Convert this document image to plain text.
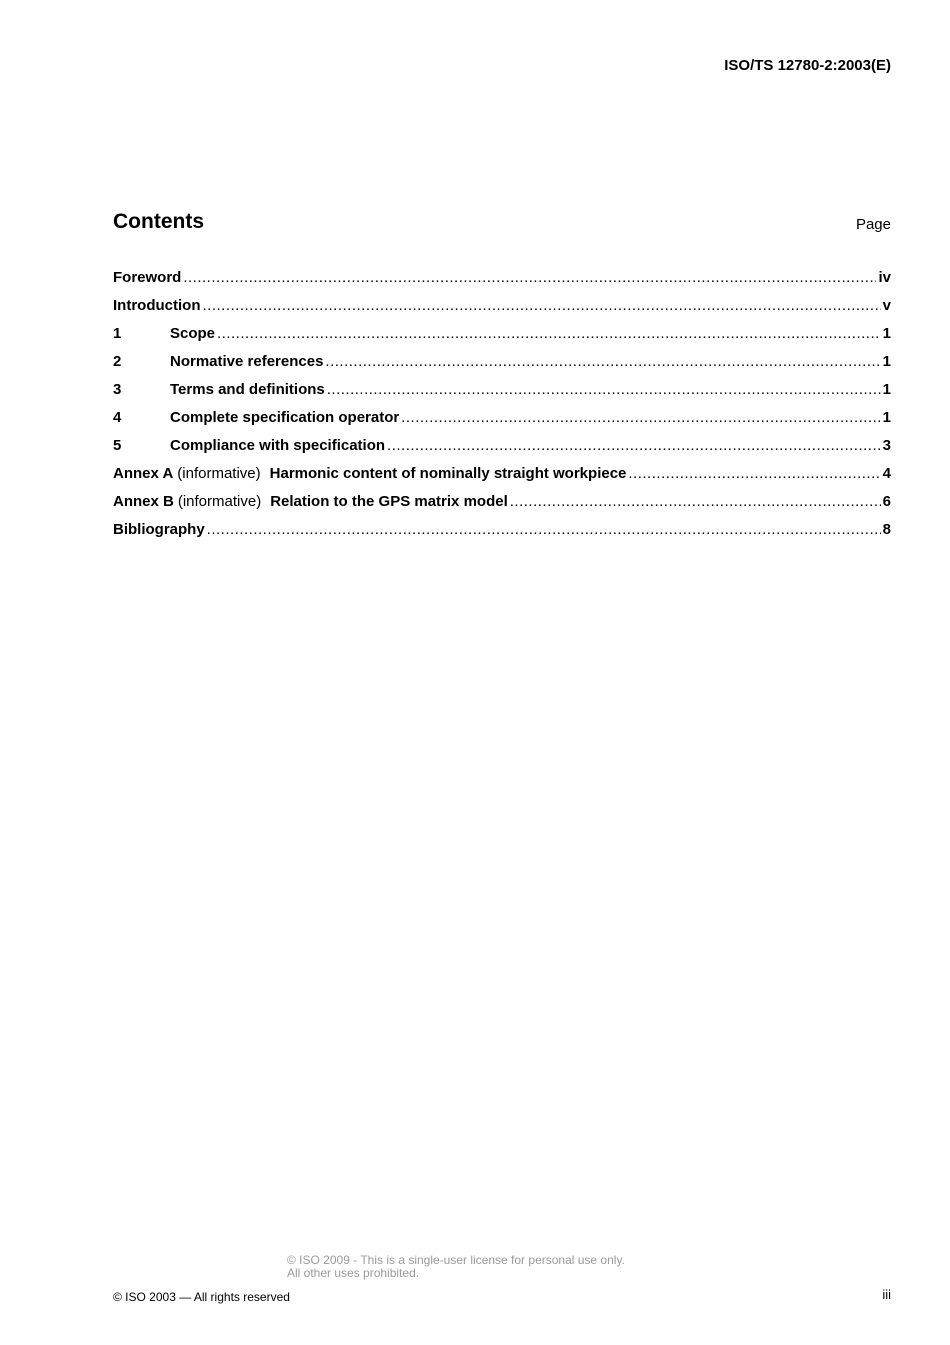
ISO/TS 12780-2:2003(E)
Contents	Page
Foreword .....	iv
Introduction .....	v
1	Scope .....	1
2	Normative references .....	1
3	Terms and definitions .....	1
4	Complete specification operator .....	1
5	Compliance with specification .....	3
Annex A (informative) Harmonic content of nominally straight workpiece .....	4
Annex B (informative) Relation to the GPS matrix model .....	6
Bibliography .....	8
© ISO 2009 - This is a single-user license for personal use only.
All other uses prohibited.
© ISO 2003 — All rights reserved	iii
